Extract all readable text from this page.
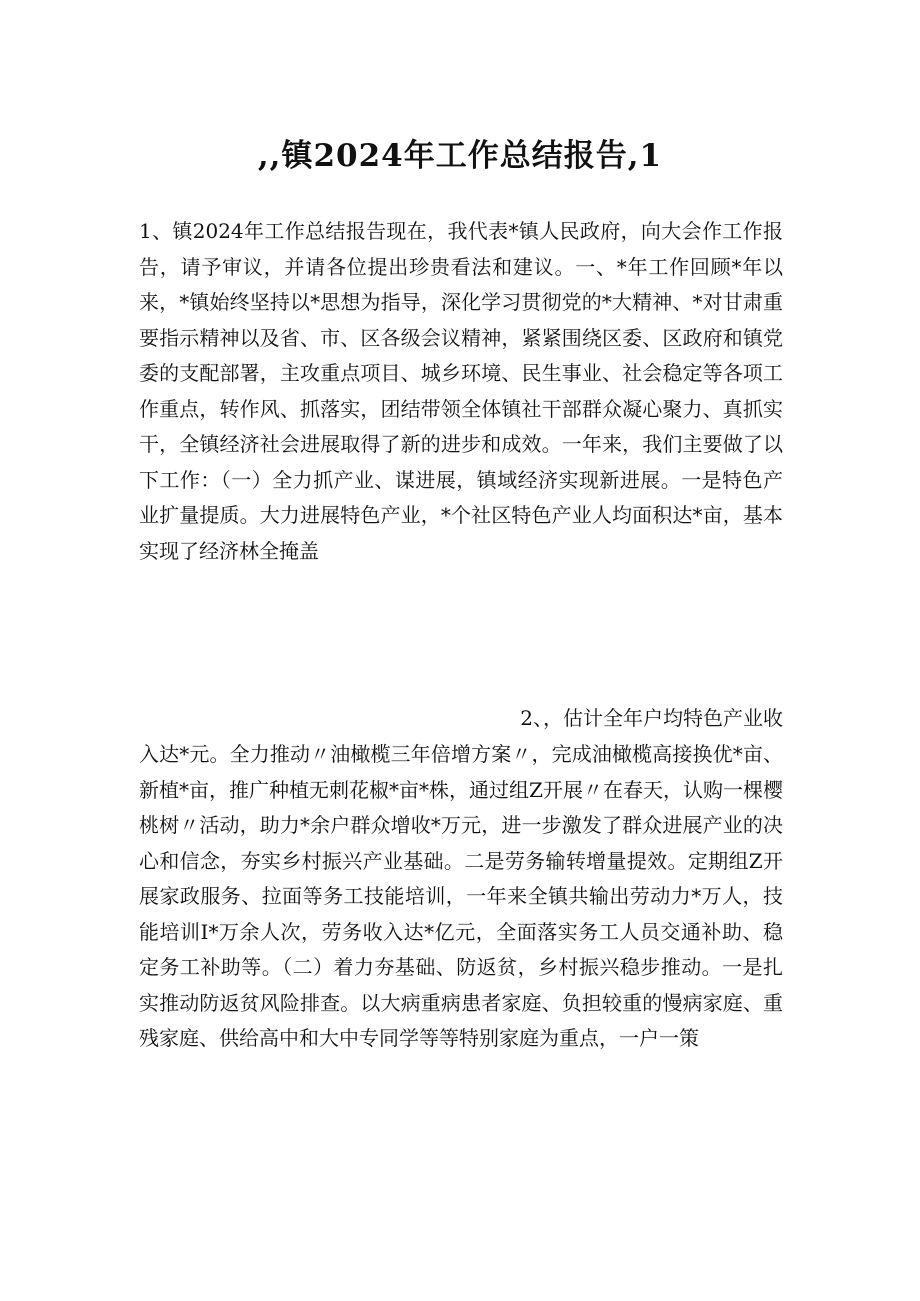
,,镇2024年工作总结报告,1

1、镇2024年工作总结报告现在，我代表*镇人民政府，向大会作工作报告，请予审议，并请各位提出珍贵看法和建议。一、*年工作回顾*年以来，*镇始终坚持以*思想为指导，深化学习贯彻党的*大精神、*对甘肃重要指示精神以及省、市、区各级会议精神，紧紧围绕区委、区政府和镇党委的支配部署，主攻重点项目、城乡环境、民生事业、社会稳定等各项工作重点，转作风、抓落实，团结带领全体镇社干部群众凝心聚力、真抓实干，全镇经济社会进展取得了新的进步和成效。一年来，我们主要做了以下工作：（一）全力抓产业、谋进展，镇域经济实现新进展。一是特色产业扩量提质。大力进展特色产业，*个社区特色产业人均面积达*亩，基本实现了经济林全掩盖

2、，估计全年户均特色产业收

入达*元。全力推动〃油橄榄三年倍增方案〃，完成油橄榄高接换优*亩、新植*亩，推广种植无刺花椒*亩*株，通过组Z开展〃在春天，认购一棵樱桃树〃活动，助力*余户群众增收*万元，进一步激发了群众进展产业的决心和信念，夯实乡村振兴产业基础。二是劳务输转增量提效。定期组Z开展家政服务、拉面等务工技能培训，一年来全镇共输出劳动力*万人，技能培训I*万余人次，劳务收入达*亿元，全面落实务工人员交通补助、稳定务工补助等。（二）着力夯基础、防返贫，乡村振兴稳步推动。一是扎实推动防返贫风险排查。以大病重病患者家庭、负担较重的慢病家庭、重残家庭、供给高中和大中专同学等等特别家庭为重点，一户一策
